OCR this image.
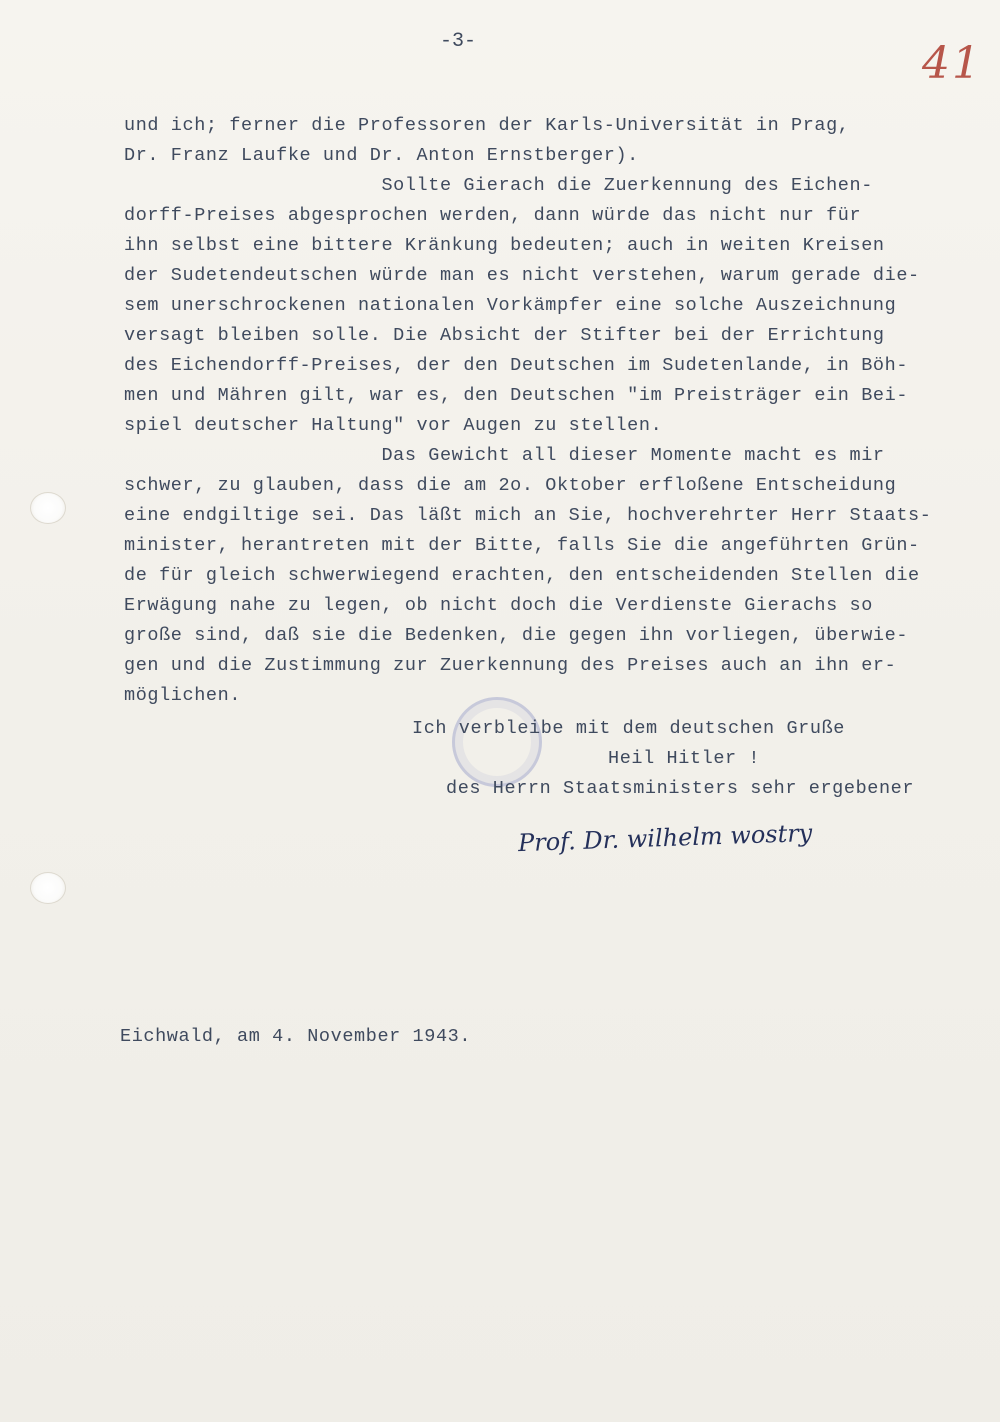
-3-	41
und ich; ferner die Professoren der Karls-Universität in Prag,
Dr. Franz Laufke und Dr. Anton Ernstberger).
Sollte Gierach die Zuerkennung des Eichen-
dorff-Preises abgesprochen werden, dann würde das nicht nur für
ihn selbst eine bittere Kränkung bedeuten; auch in weiten Kreisen
der Sudetendeutschen würde man es nicht verstehen, warum gerade die-
sem unerschrockenen nationalen Vorkämpfer eine solche Auszeichnung
versagt bleiben solle. Die Absicht der Stifter bei der Errichtung
des Eichendorff-Preises, der den Deutschen im Sudetenlande, in Böh-
men und Mähren gilt, war es, den Deutschen "im Preisträger ein Bei-
spiel deutscher Haltung" vor Augen zu stellen.
Das Gewicht all dieser Momente macht es mir
schwer, zu glauben, dass die am 2o. Oktober erfloßene Entscheidung
eine endgiltige sei. Das läßt mich an Sie, hochverehrter Herr Staats-
minister, herantreten mit der Bitte, falls Sie die angeführten Grün-
de für gleich schwerwiegend erachten, den entscheidenden Stellen die
Erwägung nahe zu legen, ob nicht doch die Verdienste Gierachs so
große sind, daß sie die Bedenken, die gegen ihn vorliegen, überwie-
gen und die Zustimmung zur Zuerkennung des Preises auch an ihn er-
möglichen.
Ich verbleibe mit dem deutschen Gruße
Heil Hitler !
des Herrn Staatsministers sehr ergebener
Prof. Dr. wilhelm wostry
Eichwald, am 4. November 1943.
